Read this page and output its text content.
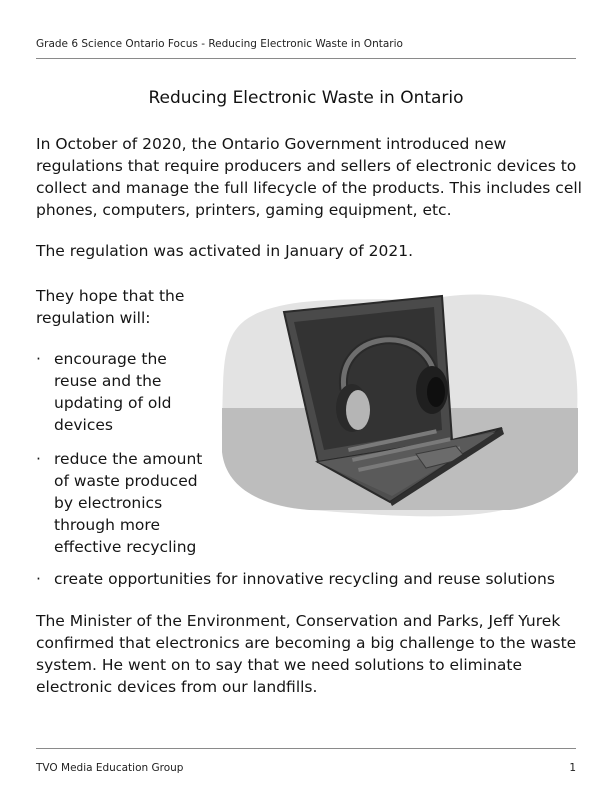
Grade 6 Science Ontario Focus - Reducing Electronic Waste in Ontario
Reducing Electronic Waste in Ontario
In October of 2020, the Ontario Government introduced new regulations that require producers and sellers of electronic devices to collect and manage the full lifecycle of the products. This includes cell phones, computers, printers, gaming equipment, etc.
The regulation was activated in January of 2021.
They hope that the regulation will:
· encourage the reuse and the updating of old devices
· reduce the amount of waste produced by electronics through more effective recycling
· create opportunities for innovative recycling and reuse solutions
The Minister of the Environment, Conservation and Parks, Jeff Yurek confirmed that electronics are becoming a big challenge to the waste system. He went on to say that we need solutions to eliminate electronic devices from our landfills.
TVO Media Education Group	1
